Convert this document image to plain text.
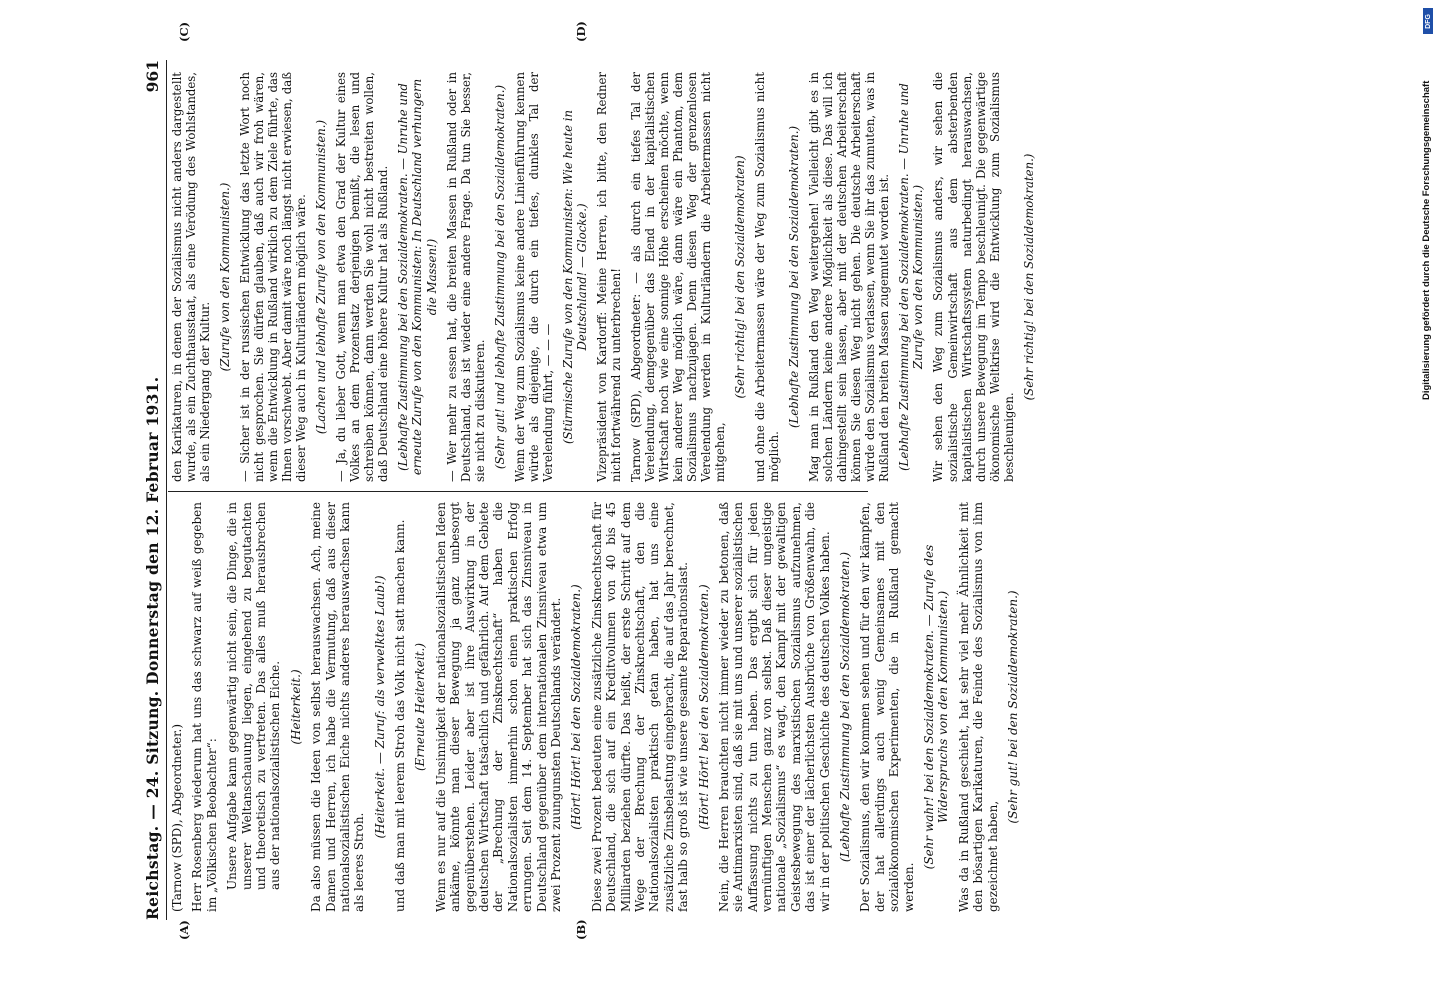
Reichstag. — 24. Sitzung. Donnerstag den 12. Februar 1931.
961
(A)	(B)
(C)	(D)

(Tarnow (SPD), Abgeordneter.) Herr Rosenberg wiederum hat uns das schwarz auf weiß gegeben im „Völkischen Beobachter“: Unsere Aufgabe kann gegenwärtig nicht sein, die Dinge, die in unserer Weltanschauung liegen, eingehend zu begutachten und theoretisch zu vertreten. Das alles muß herausbrechen aus der nationalsozialistischen Eiche. (Heiterkeit.) Da also müssen die Ideen von selbst herauswachsen. Ach, meine Damen und Herren, ich habe die Vermutung, daß aus dieser nationalsozialistischen Eiche nichts anderes herauswachsen kann als leeres Stroh.

(Heiterkeit. — Zuruf: als verwelktes Laub!) und daß man mit leerem Stroh das Volk nicht satt machen kann. (Erneute Heiterkeit.) Wenn es nur auf die Unsinnigkeit der nationalsozialistischen Ideen ankäme, könnte man dieser Bewegung ja ganz unbesorgt gegenüberstehen. Leider aber ist ihre Auswirkung in der deutschen Wirtschaft tatsächlich und gefährlich. Auf dem Gebiete der „Brechung der Zinsknechtschaft“ haben die Nationalsozialisten immerhin schon einen praktischen Erfolg errungen. Seit dem 14. September hat sich das Zinsniveau in Deutschland gegenüber dem internationalen Zinsniveau etwa um zwei Prozent zuungunsten Deutschlands verändert. (Hört! Hört! bei den Sozialdemokraten.) Diese zwei Prozent bedeuten eine zusätzliche Zinsknechtschaft für Deutschland, die sich auf ein Kreditvolumen von 40 bis 45 Milliarden beziehen dürfte. Das heißt, der erste Schritt auf dem Wege der Brechung der Zinsknechtschaft, den die Nationalsozialisten praktisch getan haben, hat uns eine zusätzliche Zinsbelastung eingebracht, die auf das Jahr berechnet, fast halb so groß ist wie unsere gesamte Reparationslast. (Hört! Hört! bei den Sozialdemokraten.) Nein, die Herren brauchten nicht immer wieder zu betonen, daß sie Antimarxisten sind, daß sie mit uns und unserer sozialistischen Auffassung nichts zu tun haben. Das ergibt sich für jeden vernünftigen Menschen ganz von selbst. Daß dieser ungeistige nationale „Sozialismus“ es wagt, den Kampf mit der gewaltigen Geistesbewegung des marxistischen Sozialismus aufzunehmen, das ist einer der lächerlichsten Ausbrüche von Größenwahn, die wir in der politischen Geschichte des deutschen Volkes haben. (Lebhafte Zustimmung bei den Sozialdemokraten.) Der Sozialismus, den wir kommen sehen und für den wir kämpfen, der hat allerdings auch wenig Gemeinsames mit den sozialökonomischen Experimenten, die in Rußland gemacht werden.

(Sehr wahr! bei den Sozialdemokraten. — Zurufe des Widerspruchs von den Kommunisten.) Was da in Rußland geschieht, hat sehr viel mehr Ähnlichkeit mit den bösartigen Karikaturen, die Feinde des Sozialismus von ihm gezeichnet haben,

(Sehr gut! bei den Sozialdemokraten.)

den Karikaturen, in denen der Sozialismus nicht anders dargestellt wurde, als ein Zuchthausstaat, als eine Verödung des Wohlstandes, als ein Niedergang der Kultur.

(Zurufe von den Kommunisten.) — Sicher ist in der russischen Entwicklung das letzte Wort noch nicht gesprochen. Sie dürfen glauben, daß auch wir froh wären, wenn die Entwicklung in Rußland wirklich zu dem Ziele führte, das Ihnen vorschwebt. Aber damit wäre noch längst nicht erwiesen, daß dieser Weg auch in Kulturländern möglich wäre. (Lachen und lebhafte Zurufe von den Kommunisten.) — Ja, du lieber Gott, wenn man etwa den Grad der Kultur eines Volkes an dem Prozentsatz derjenigen bemißt, die lesen und schreiben können, dann werden Sie wohl nicht bestreiten wollen, daß Deutschland eine höhere Kultur hat als Rußland. (Lebhafte Zustimmung bei den Sozialdemokraten. — Unruhe und erneute Zurufe von den Kommunisten: In Deutschland verhungern die Massen!) — Wer mehr zu essen hat, die breiten Massen in Rußland oder in Deutschland, das ist wieder eine andere Frage. Da tun Sie besser, sie nicht zu diskutieren. (Sehr gut! und lebhafte Zustimmung bei den Sozialdemokraten.) Wenn der Weg zum Sozialismus keine andere Linienführung kennen würde als diejenige, die durch ein tiefes, dunkles Tal der Verelendung führt, — — — (Stürmische Zurufe von den Kommunisten: Wie heute in Deutschland! — Glocke.) Vizepräsident von Kardorff: Meine Herren, ich bitte, den Redner nicht fortwährend zu unterbrechen! Tarnow (SPD), Abgeordneter: — als durch ein tiefes Tal der Verelendung, demgegenüber das Elend in der kapitalistischen Wirtschaft noch wie eine sonnige Höhe erscheinen möchte, wenn kein anderer Weg möglich wäre, dann wäre ein Phantom, dem Sozialismus nachzujagen. Denn diesen Weg der grenzenlosen Verelendung werden in Kulturländern die Arbeitermassen nicht mitgehen,

(Sehr richtig! bei den Sozialdemokraten) und ohne die Arbeitermassen wäre der Weg zum Sozialismus nicht möglich.

(Lebhafte Zustimmung bei den Sozialdemokraten.) Mag man in Rußland den Weg weitergehen! Vielleicht gibt es in solchen Ländern keine andere Möglichkeit als diese. Das will ich dahingestellt sein lassen, aber mit der deutschen Arbeiterschaft können Sie diesen Weg nicht gehen. Die deutsche Arbeiterschaft würde den Sozialismus verlassen, wenn Sie ihr das zumuten, was in Rußland den breiten Massen zugemutet worden ist. (Lebhafte Zustimmung bei den Sozialdemokraten. — Unruhe und Zurufe von den Kommunisten.) Wir sehen den Weg zum Sozialismus anders, wir sehen die sozialistische Gemeinwirtschaft aus dem absterbenden kapitalistischen Wirtschaftssystem naturbedingt herauswachsen, durch unsere Bewegung im Tempo beschleunigt. Die gegenwärtige ökonomische Weltkrise wird die Entwicklung zum Sozialismus beschleunigen.

(Sehr richtig! bei den Sozialdemokraten.)

DFG
Digitalisierung gefördert durch die Deutsche Forschungsgemeinschaft
